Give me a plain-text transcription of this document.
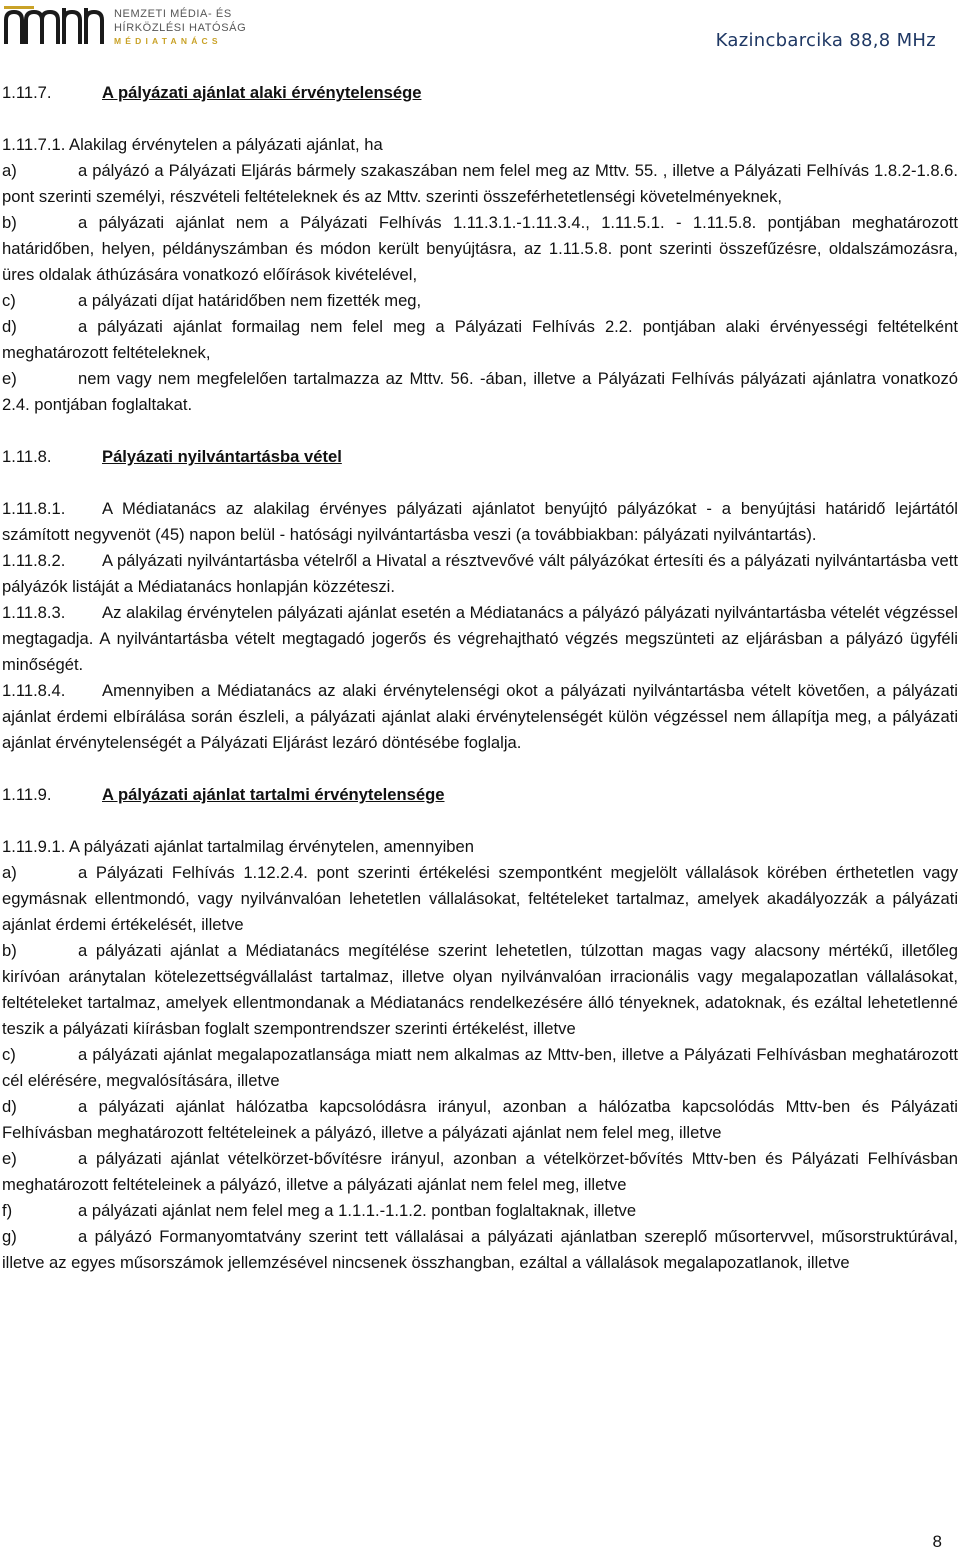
NEMZETI MÉDIA- ÉS
HÍRKÖZLÉSI HATÓSÁG
MÉDIATANÁCS	Kazincbarcika 88,8 MHz

1.11.7.	A pályázati ajánlat alaki érvénytelensége

1.11.7.1. Alakilag érvénytelen a pályázati ajánlat, ha

a)	a pályázó a Pályázati Eljárás bármely szakaszában nem felel meg az Mttv. 55. , illetve a Pályázati Felhívás 1.8.2-1.8.6. pont szerinti személyi, részvételi feltételeknek és az Mttv. szerinti összeférhetetlenségi követelményeknek,

b)	a pályázati ajánlat nem a Pályázati Felhívás 1.11.3.1.-1.11.3.4., 1.11.5.1. - 1.11.5.8. pontjában meghatározott határidőben, helyen, példányszámban és módon került benyújtásra, az 1.11.5.8. pont szerinti összefűzésre, oldalszámozásra, üres oldalak áthúzására vonatkozó előírások kivételével,

c)	a pályázati díjat határidőben nem fizették meg,

d)	a pályázati ajánlat formailag nem felel meg a Pályázati Felhívás 2.2. pontjában alaki érvényességi feltételként meghatározott feltételeknek,

e)	nem vagy nem megfelelően tartalmazza az Mttv. 56. -ában, illetve a Pályázati Felhívás pályázati ajánlatra vonatkozó 2.4. pontjában foglaltakat.

1.11.8.	Pályázati nyilvántartásba vétel

1.11.8.1. A Médiatanács az alakilag érvényes pályázati ajánlatot benyújtó pályázókat - a benyújtási határidő lejártától számított negyvenöt (45) napon belül - hatósági nyilvántartásba veszi (a továbbiakban: pályázati nyilvántartás).

1.11.8.2. A pályázati nyilvántartásba vételről a Hivatal a résztvevővé vált pályázókat értesíti és a pályázati nyilvántartásba vett pályázók listáját a Médiatanács honlapján közzéteszi.

1.11.8.3. Az alakilag érvénytelen pályázati ajánlat esetén a Médiatanács a pályázó pályázati nyilvántartásba vételét végzéssel megtagadja. A nyilvántartásba vételt megtagadó jogerős és végrehajtható végzés megszünteti az eljárásban a pályázó ügyféli minőségét.

1.11.8.4. Amennyiben a Médiatanács az alaki érvénytelenségi okot a pályázati nyilvántartásba vételt követően, a pályázati ajánlat érdemi elbírálása során észleli, a pályázati ajánlat alaki érvénytelenségét külön végzéssel nem állapítja meg, a pályázati ajánlat érvénytelenségét a Pályázati Eljárást lezáró döntésébe foglalja.

1.11.9.	A pályázati ajánlat tartalmi érvénytelensége

1.11.9.1. A pályázati ajánlat tartalmilag érvénytelen, amennyiben

a)	a Pályázati Felhívás 1.12.2.4. pont szerinti értékelési szempontként megjelölt vállalások körében érthetetlen vagy egymásnak ellentmondó, vagy nyilvánvalóan lehetetlen vállalásokat, feltételeket tartalmaz, amelyek akadályozzák a pályázati ajánlat érdemi értékelését, illetve

b)	a pályázati ajánlat a Médiatanács megítélése szerint lehetetlen, túlzottan magas vagy alacsony mértékű, illetőleg kirívóan aránytalan kötelezettségvállalást tartalmaz, illetve olyan nyilvánvalóan irracionális vagy megalapozatlan vállalásokat, feltételeket tartalmaz, amelyek ellentmondanak a Médiatanács rendelkezésére álló tényeknek, adatoknak, és ezáltal lehetetlenné teszik a pályázati kiírásban foglalt szempontrendszer szerinti értékelést, illetve

c)	a pályázati ajánlat megalapozatlansága miatt nem alkalmas az Mttv-ben, illetve a Pályázati Felhívásban meghatározott cél elérésére, megvalósítására, illetve

d)	a pályázati ajánlat hálózatba kapcsolódásra irányul, azonban a hálózatba kapcsolódás Mttv-ben és Pályázati Felhívásban meghatározott feltételeinek a pályázó, illetve a pályázati ajánlat nem felel meg, illetve

e)	a pályázati ajánlat vételkörzet-bővítésre irányul, azonban a vételkörzet-bővítés Mttv-ben és Pályázati Felhívásban meghatározott feltételeinek a pályázó, illetve a pályázati ajánlat nem felel meg, illetve

f)	a pályázati ajánlat nem felel meg a 1.1.1.-1.1.2. pontban foglaltaknak, illetve

g)	a pályázó Formanyomtatvány szerint tett vállalásai a pályázati ajánlatban szereplő műsortervvel, műsorstruktúrával, illetve az egyes műsorszámok jellemzésével nincsenek összhangban, ezáltal a vállalások megalapozatlanok, illetve

8
